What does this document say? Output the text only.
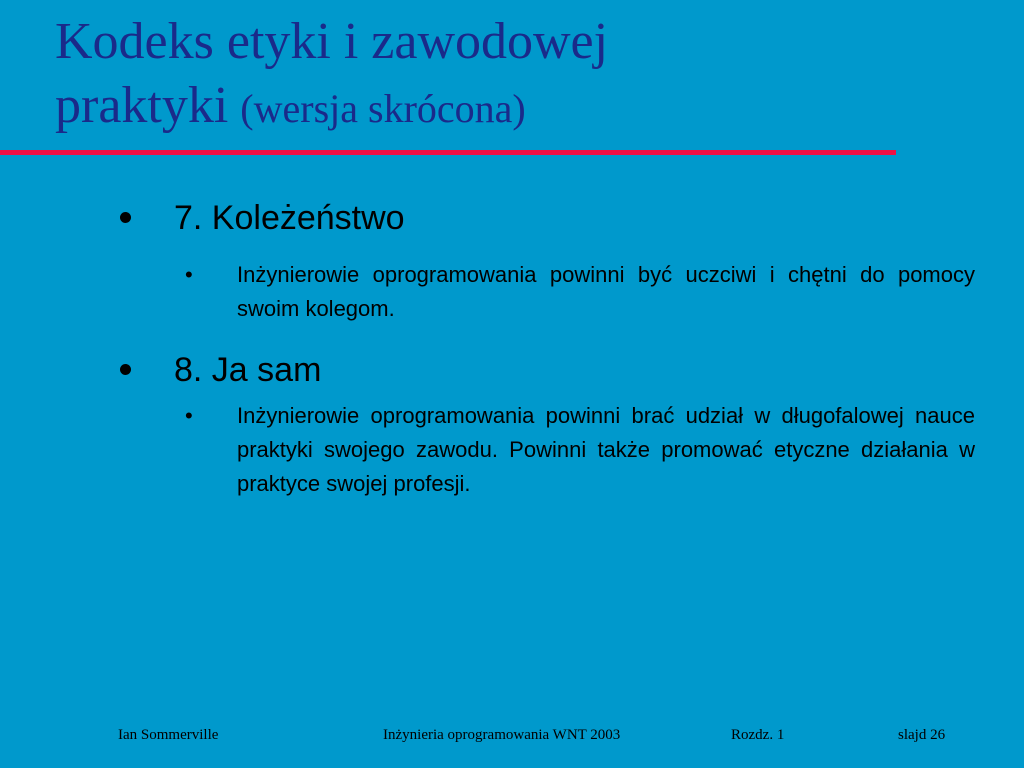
Kodeks etyki i zawodowej
praktyki (wersja skrócona)
7. Koleżeństwo
• Inżynierowie oprogramowania powinni być uczciwi i chętni do pomocy swoim kolegom.
8. Ja sam
• Inżynierowie oprogramowania powinni brać udział w długofalowej nauce praktyki swojego zawodu. Powinni także promować etyczne działania w praktyce swojej profesji.
Ian Sommerville	Inżynieria oprogramowania WNT 2003	Rozdz. 1	slajd 26
